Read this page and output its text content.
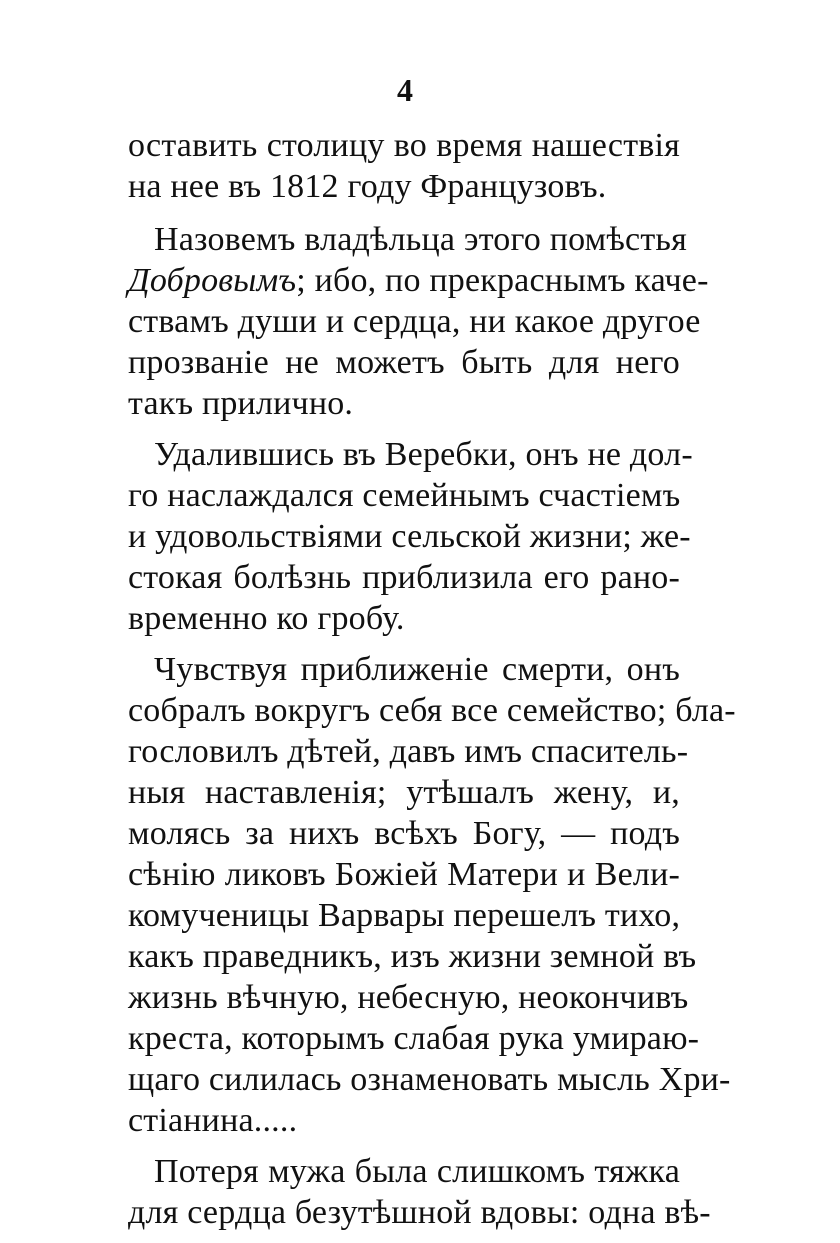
4
оставить столицу во время нашествія
на нее въ 1812 году Французовъ.
Назовемъ владѣльца этого помѣстья
Добровымъ; ибо, по прекраснымъ каче-
ствамъ души и сердца, ни какое другое
прозваніе не можетъ быть для него
такъ прилично.
Удалившись въ Веребки, онъ не дол-
го наслаждался семейнымъ счастіемъ
и удовольствіями сельской жизни; же-
стокая болѣзнь приблизила его рано-
временно ко гробу.
Чувствуя приближеніе смерти, онъ
собралъ вокругъ себя все семейство; бла-
гословилъ дѣтей, давъ имъ спаситель-
ныя наставленія; утѣшалъ жену, и,
молясь за нихъ всѣхъ Богу, — подъ
сѣнію ликовъ Божіей Матери и Вели-
комученицы Варвары перешелъ тихо,
какъ праведникъ, изъ жизни земной въ
жизнь вѣчную, небесную, неокончивъ
креста, которымъ слабая рука умираю-
щаго силилась ознаменовать мысль Хри-
стіанина.....
Потеря мужа была слишкомъ тяжка
для сердца безутѣшной вдовы: одна вѣ-
